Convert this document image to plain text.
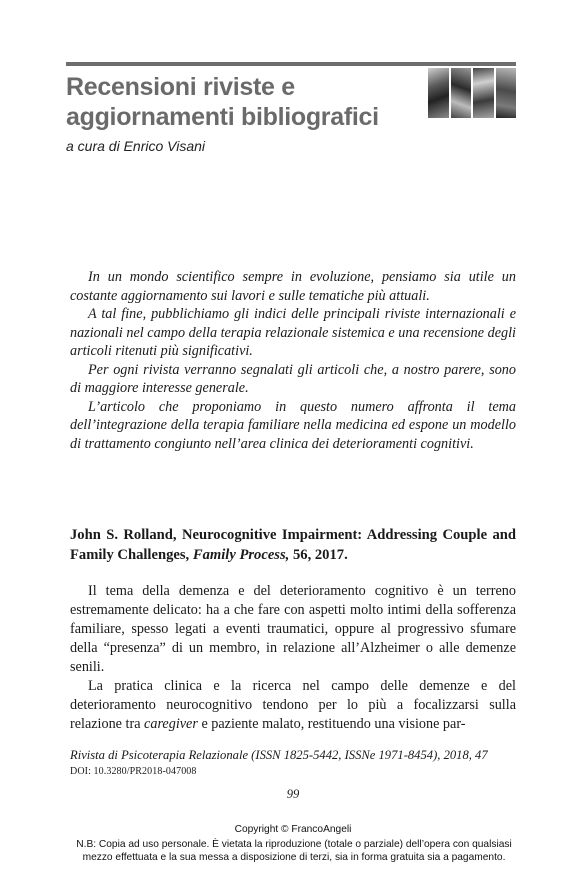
Recensioni riviste e
aggiornamenti bibliografici
a cura di Enrico Visani

In un mondo scientifico sempre in evoluzione, pensiamo sia utile un costante aggiornamento sui lavori e sulle tematiche più attuali.

A tal fine, pubblichiamo gli indici delle principali riviste internazionali e nazionali nel campo della terapia relazionale sistemica e una recensione degli articoli ritenuti più significativi.

Per ogni rivista verranno segnalati gli articoli che, a nostro parere, sono di maggiore interesse generale.

L’articolo che proponiamo in questo numero affronta il tema dell’integrazione della terapia familiare nella medicina ed espone un modello di trattamento congiunto nell’area clinica dei deterioramenti cognitivi.

John S. Rolland, Neurocognitive Impairment: Addressing Couple and Family Challenges, Family Process, 56, 2017.

Il tema della demenza e del deterioramento cognitivo è un terreno estremamente delicato: ha a che fare con aspetti molto intimi della sofferenza familiare, spesso legati a eventi traumatici, oppure al progressivo sfumare della “presenza” di un membro, in relazione all’Alzheimer o alle demenze senili.

La pratica clinica e la ricerca nel campo delle demenze e del deterioramento neurocognitivo tendono per lo più a focalizzarsi sulla relazione tra caregiver e paziente malato, restituendo una visione par-

Rivista di Psicoterapia Relazionale (ISSN 1825-5442, ISSNe 1971-8454), 2018, 47
DOI: 10.3280/PR2018-047008
99
Copyright © FrancoAngeli
N.B: Copia ad uso personale. È vietata la riproduzione (totale o parziale) dell’opera con qualsiasi mezzo effettuata e la sua messa a disposizione di terzi, sia in forma gratuita sia a pagamento.
